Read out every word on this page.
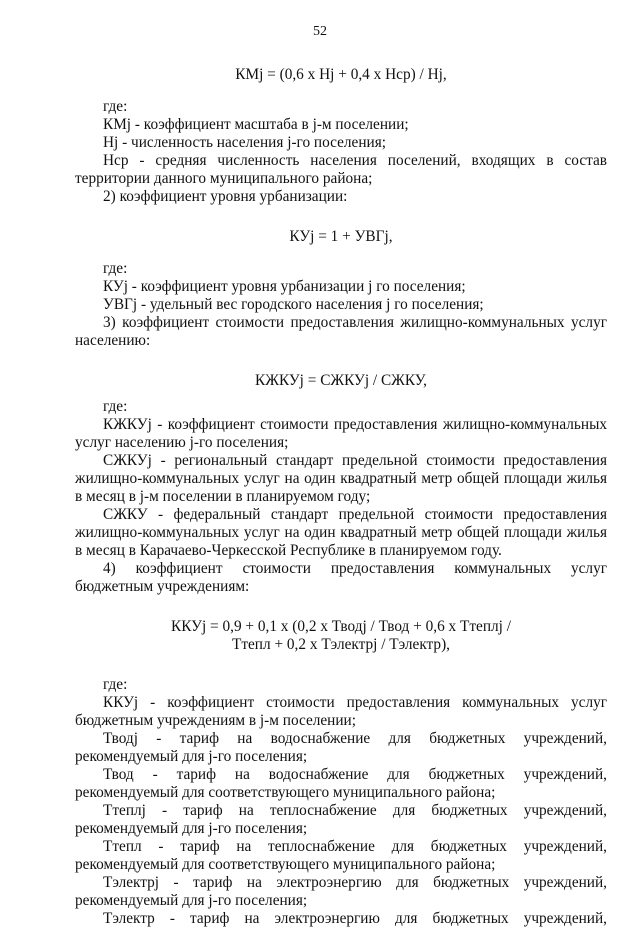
52
КМj = (0,6 х Нj + 0,4 х Нср) / Нj,
где:
КМj - коэффициент масштаба в j-м поселении;
Нj - численность населения j-го поселения;
Нср - средняя численность населения поселений, входящих в состав территории данного муниципального района;
2) коэффициент уровня урбанизации:
КУj = 1 + УВГj,
где:
КУj - коэффициент уровня урбанизации j го поселения;
УВГj - удельный вес городского населения j го поселения;
3) коэффициент стоимости предоставления жилищно-коммунальных услуг населению:
КЖКУj = СЖКУj / СЖКУ,
где:
КЖКУj - коэффициент стоимости предоставления жилищно-коммунальных услуг населению j-го поселения;
СЖКУj - региональный стандарт предельной стоимости предоставления жилищно-коммунальных услуг на один квадратный метр общей площади жилья в месяц в j-м поселении в планируемом году;
СЖКУ - федеральный стандарт предельной стоимости предоставления жилищно-коммунальных услуг на один квадратный метр общей площади жилья в месяц в Карачаево-Черкесской Республике в планируемом году.
4) коэффициент стоимости предоставления коммунальных услуг бюджетным учреждениям:
ККУj = 0,9 + 0,1 х (0,2 х Тводj / Твод + 0,6 х Ттеплj /
Ттепл + 0,2 х Тэлектрj / Тэлектр),
где:
ККУj - коэффициент стоимости предоставления коммунальных услуг бюджетным учреждениям в j-м поселении;
Тводj - тариф на водоснабжение для бюджетных учреждений, рекомендуемый для j-го поселения;
Твод - тариф на водоснабжение для бюджетных учреждений, рекомендуемый для соответствующего муниципального района;
Ттеплj - тариф на теплоснабжение для бюджетных учреждений, рекомендуемый для j-го поселения;
Ттепл - тариф на теплоснабжение для бюджетных учреждений, рекомендуемый для соответствующего муниципального района;
Тэлектрj - тариф на электроэнергию для бюджетных учреждений, рекомендуемый для j-го поселения;
Тэлектр - тариф на электроэнергию для бюджетных учреждений,
